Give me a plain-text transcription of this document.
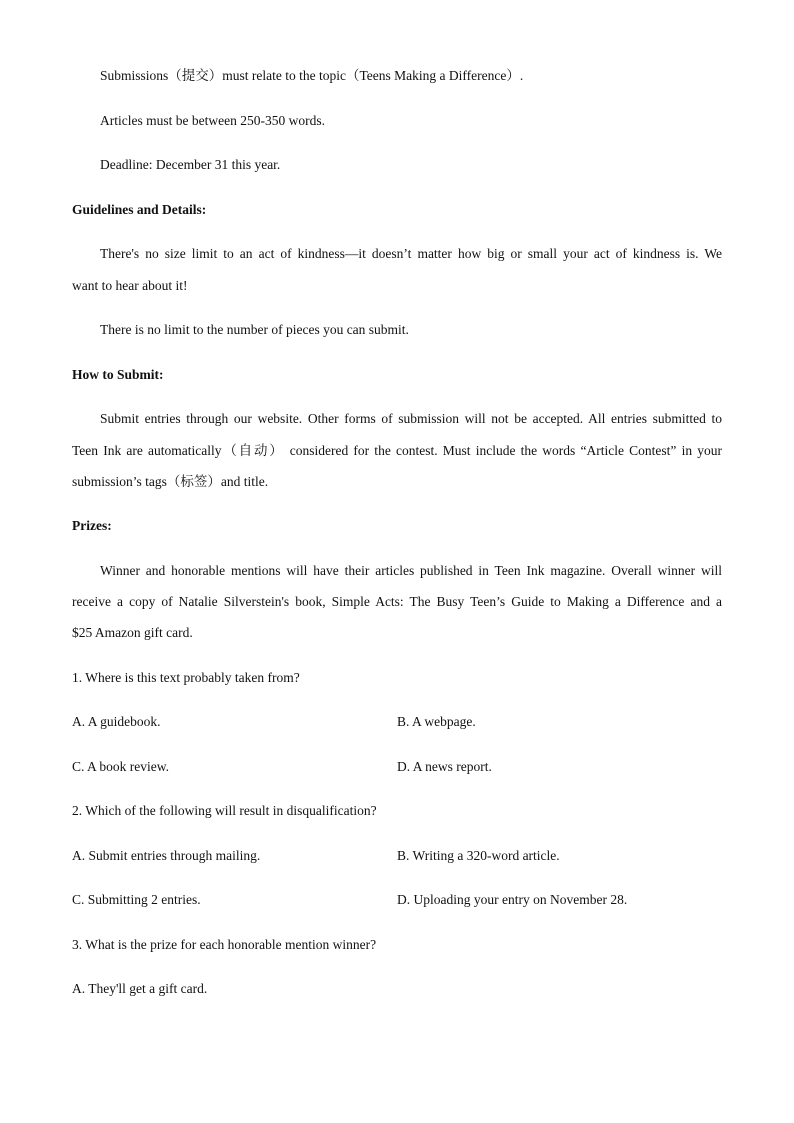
Submissions（提交）must relate to the topic（Teens Making a Difference）.
Articles must be between 250-350 words.
Deadline: December 31 this year.
Guidelines and Details:
There's no size limit to an act of kindness—it doesn’t matter how big or small your act of kindness is. We
want to hear about it!
There is no limit to the number of pieces you can submit.
How to Submit:
Submit entries through our website. Other forms of submission will not be accepted. All entries submitted to
Teen Ink are automatically（自动） considered for the contest. Must include the words “Article Contest” in your
submission’s tags（标签）and title.
Prizes:
Winner and honorable mentions will have their articles published in Teen Ink magazine. Overall winner will
receive a copy of Natalie Silverstein's book, Simple Acts: The Busy Teen’s Guide to Making a Difference and a
$25 Amazon gift card.
1. Where is this text probably taken from?
A. A guidebook.	B. A webpage.
C. A book review.	D. A news report.
2. Which of the following will result in disqualification?
A. Submit entries through mailing.	B. Writing a 320-word article.
C. Submitting 2 entries.	D. Uploading your entry on November 28.
3. What is the prize for each honorable mention winner?
A. They'll get a gift card.
